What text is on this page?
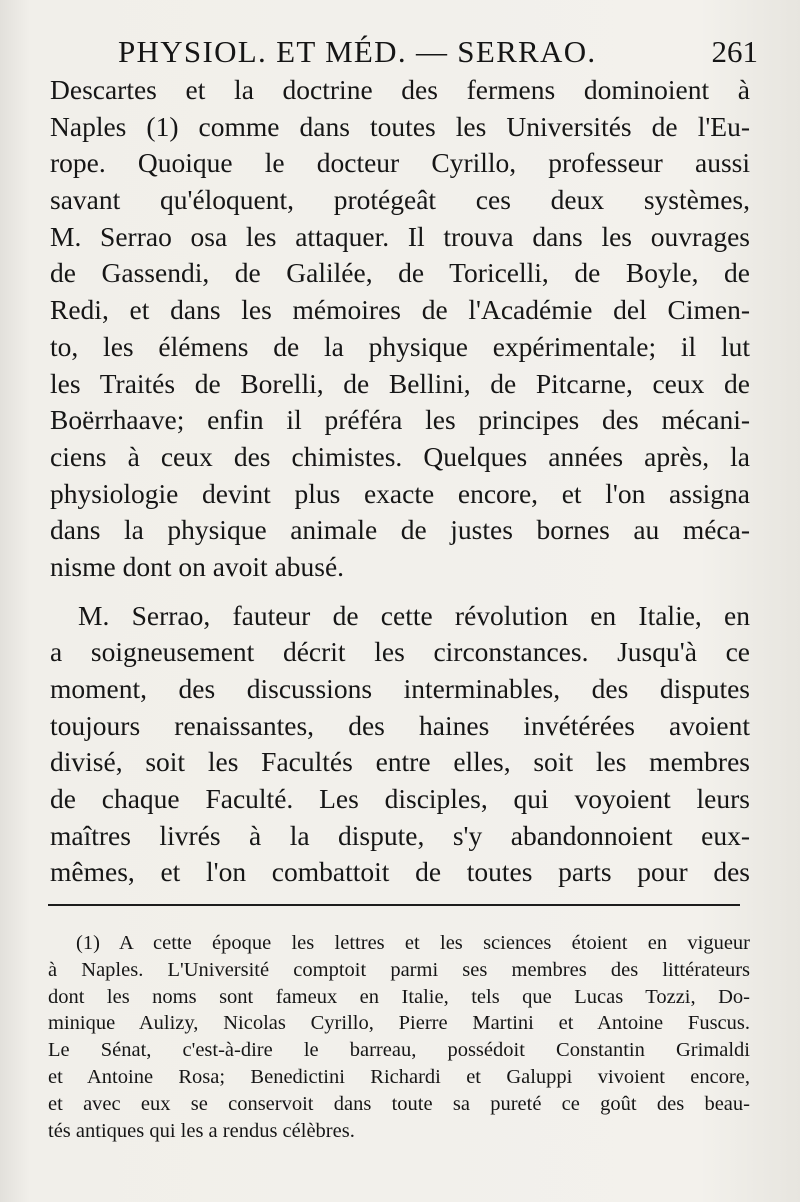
PHYSIOL. ET MÉD. — SERRAO.	261
Descartes et la doctrine des fermens dominoient à
Naples (1) comme dans toutes les Universités de l'Eu-
rope. Quoique le docteur Cyrillo, professeur aussi
savant qu'éloquent, protégeât ces deux systèmes,
M. Serrao osa les attaquer. Il trouva dans les ouvrages
de Gassendi, de Galilée, de Toricelli, de Boyle, de
Redi, et dans les mémoires de l'Académie del Cimen-
to, les élémens de la physique expérimentale; il lut
les Traités de Borelli, de Bellini, de Pitcarne, ceux de
Boërrhaave; enfin il préféra les principes des mécani-
ciens à ceux des chimistes. Quelques années après, la
physiologie devint plus exacte encore, et l'on assigna
dans la physique animale de justes bornes au méca-
nisme dont on avoit abusé.
M. Serrao, fauteur de cette révolution en Italie, en
a soigneusement décrit les circonstances. Jusqu'à ce
moment, des discussions interminables, des disputes
toujours renaissantes, des haines invétérées avoient
divisé, soit les Facultés entre elles, soit les membres
de chaque Faculté. Les disciples, qui voyoient leurs
maîtres livrés à la dispute, s'y abandonnoient eux-
mêmes, et l'on combattoit de toutes parts pour des
(1) A cette époque les lettres et les sciences étoient en vigueur
à Naples. L'Université comptoit parmi ses membres des littérateurs
dont les noms sont fameux en Italie, tels que Lucas Tozzi, Do-
minique Aulizy, Nicolas Cyrillo, Pierre Martini et Antoine Fuscus.
Le Sénat, c'est-à-dire le barreau, possédoit Constantin Grimaldi
et Antoine Rosa; Benedictini Richardi et Galuppi vivoient encore,
et avec eux se conservoit dans toute sa pureté ce goût des beau-
tés antiques qui les a rendus célèbres.
